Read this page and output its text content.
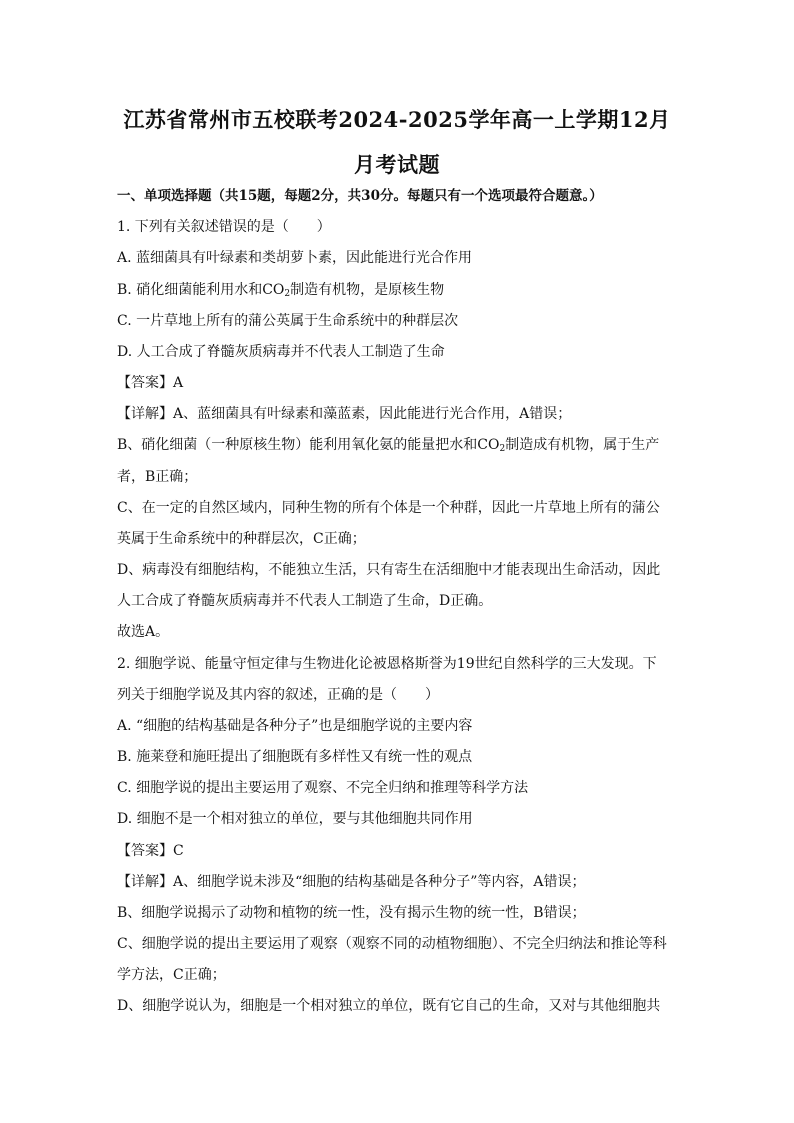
江苏省常州市五校联考2024-2025学年高一上学期12月
月考试题
一、单项选择题（共15题，每题2分，共30分。每题只有一个选项最符合题意。）
1. 下列有关叙述错误的是（　　）
A. 蓝细菌具有叶绿素和类胡萝卜素，因此能进行光合作用
B. 硝化细菌能利用水和$CO_2$制造有机物，是原核生物
C. 一片草地上所有的蒲公英属于生命系统中的种群层次
D. 人工合成了脊髓灰质病毒并不代表人工制造了生命
【答案】A
【详解】A、蓝细菌具有叶绿素和藻蓝素，因此能进行光合作用，A错误；
B、硝化细菌（一种原核生物）能利用氧化氨的能量把水和$CO_2$制造成有机物，属于生产
者，B正确；
C、在一定的自然区域内，同种生物的所有个体是一个种群，因此一片草地上所有的蒲公
英属于生命系统中的种群层次，C正确；
D、病毒没有细胞结构，不能独立生活，只有寄生在活细胞中才能表现出生命活动，因此
人工合成了脊髓灰质病毒并不代表人工制造了生命，D正确。
故选A。
2. 细胞学说、能量守恒定律与生物进化论被恩格斯誉为19世纪自然科学的三大发现。下
列关于细胞学说及其内容的叙述，正确的是（　　）
A. “细胞的结构基础是各种分子”也是细胞学说的主要内容
B. 施莱登和施旺提出了细胞既有多样性又有统一性的观点
C. 细胞学说的提出主要运用了观察、不完全归纳和推理等科学方法
D. 细胞不是一个相对独立的单位，要与其他细胞共同作用
【答案】C
【详解】A、细胞学说未涉及“细胞的结构基础是各种分子”等内容，A错误；
B、细胞学说揭示了动物和植物的统一性，没有揭示生物的统一性，B错误；
C、细胞学说的提出主要运用了观察（观察不同的动植物细胞）、不完全归纳法和推论等科
学方法，C正确；
D、细胞学说认为，细胞是一个相对独立的单位，既有它自己的生命，又对与其他细胞共
